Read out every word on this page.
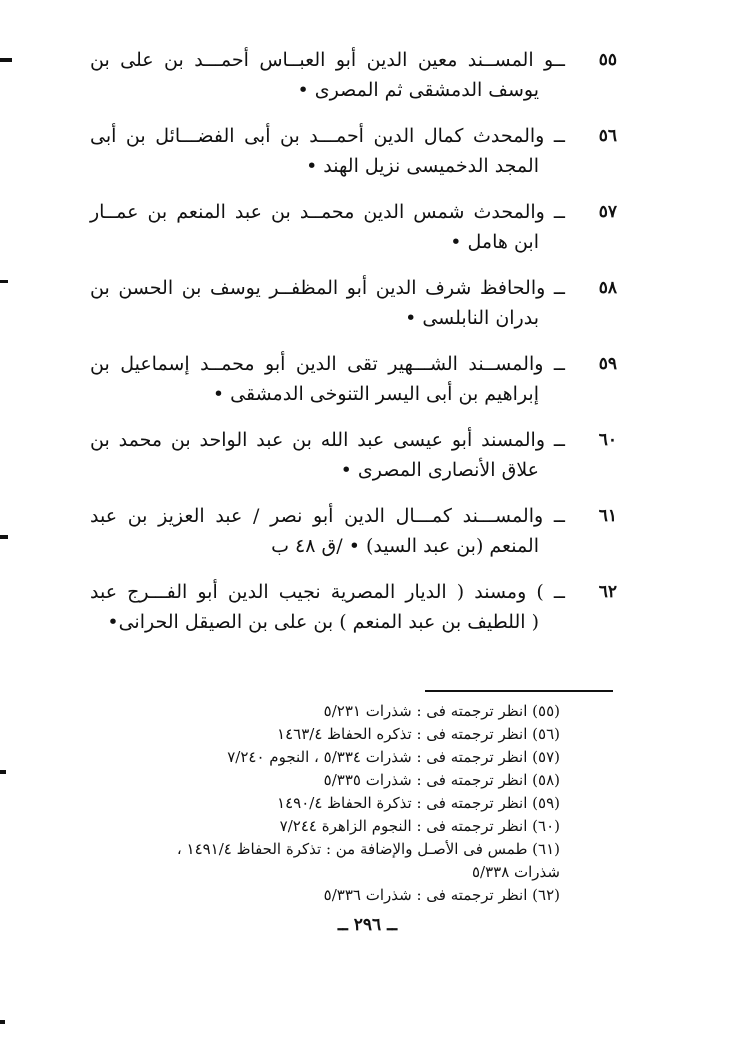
٥٥
ــو المســند معين الدين أبو العبــاس أحمـــد بن على بن
يوسف الدمشقى ثم المصرى •
٥٦
ــ والمحدث كمال الدين أحمـــد بن أبى الفضـــائل بن أبى
المجد الدخميسى نزيل الهند •
٥٧
ــ والمحدث شمس الدين محمــد بن عبد المنعم بن عمــار
ابن هامل •
٥٨
ــ والحافظ شرف الدين أبو المظفــر يوسف بن الحسن بن
بدران النابلسى •
٥٩
ــ والمســند الشـــهير تقى الدين أبو محمــد إسماعيل بن
إبراهيم بن أبى اليسر التنوخى الدمشقى •
٦٠
ــ والمسند أبو عيسى عبد الله بن عبد الواحد بن محمد بن
علاق الأنصارى المصرى •
٦١
ــ والمســـند كمـــال الدين أبو نصر / عبد العزيز بن عبد
المنعم (بن عبد السيد) • /ق ٤٨ ب
٦٢
ــ ) ومسند ( الديار المصرية نجيب الدين أبو الفـــرج عبد
( اللطيف بن عبد المنعم ) بن على بن الصيقل الحرانى•
(٥٥) انظر ترجمته فى : شذرات ٥/٢٣١
(٥٦) انظر ترجمته فى : تذكره الحفاظ ١٤٦٣/٤
(٥٧) انظر ترجمته فى : شذرات ٥/٣٣٤ ، النجوم ٧/٢٤٠
(٥٨) انظر ترجمته فى : شذرات ٥/٣٣٥
(٥٩) انظر ترجمته فى : تذكرة الحفاظ ١٤٩٠/٤
(٦٠) انظر ترجمته فى : النجوم الزاهرة ٧/٢٤٤
(٦١) طمس فى الأصـل والإضافة من : تذكرة الحفاظ ١٤٩١/٤ ،
شذرات ٥/٣٣٨
(٦٢) انظر ترجمته فى : شذرات ٥/٣٣٦
ــ ٢٩٦ ــ
